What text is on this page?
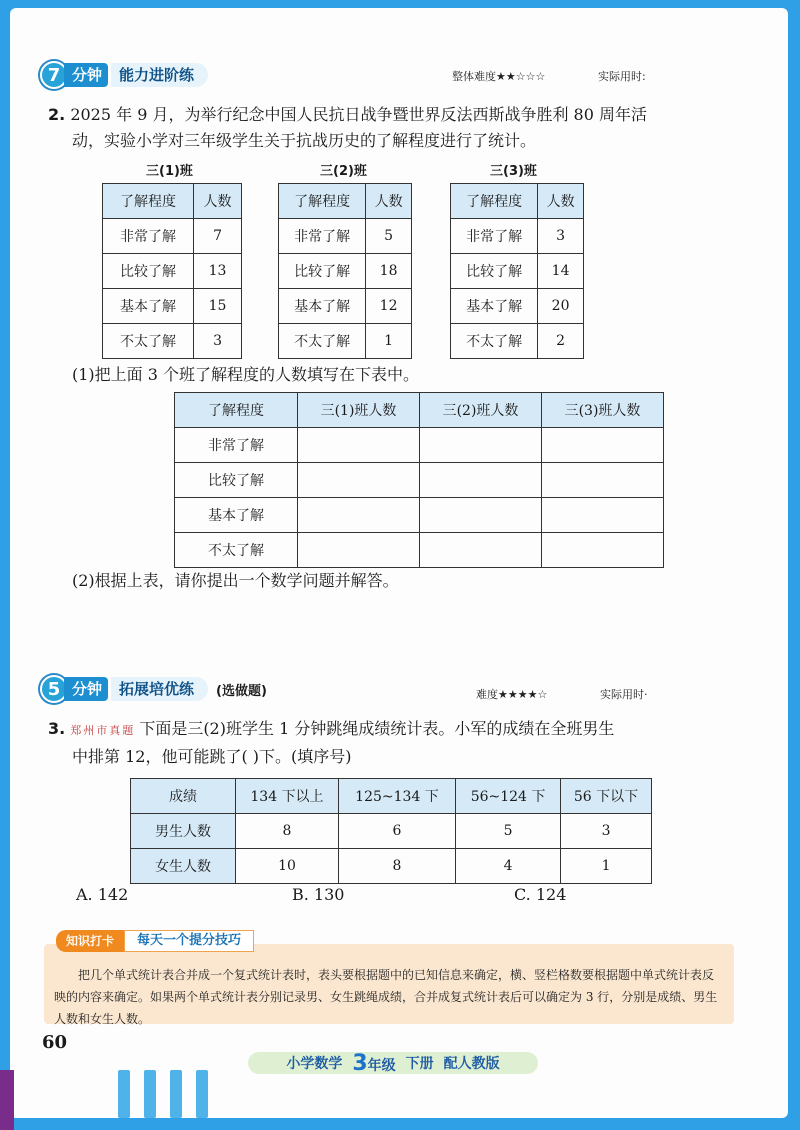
7 分钟	能力进阶练	整体难度★★☆☆☆	实际用时:
2. 2025 年 9 月，为举行纪念中国人民抗日战争暨世界反法西斯战争胜利 80 周年活
动，实验小学对三年级学生关于抗战历史的了解程度进行了统计。
三(1)班
了解程度	人数
非常了解	7
比较了解	13
基本了解	15
不太了解	3
三(2)班
了解程度	人数
非常了解	5
比较了解	18
基本了解	12
不太了解	1
三(3)班
了解程度	人数
非常了解	3
比较了解	14
基本了解	20
不太了解	2
(1)把上面 3 个班了解程度的人数填写在下表中。
了解程度	三(1)班人数	三(2)班人数	三(3)班人数
非常了解			
比较了解			
基本了解			
不太了解			
(2)根据上表，请你提出一个数学问题并解答。
5 分钟	拓展培优练	(选做题)	难度★★★★☆	实际用时·
3. 郑州市真题 下面是三(2)班学生 1 分钟跳绳成绩统计表。小军的成绩在全班男生
中排第 12，他可能跳了( )下。(填序号)
成绩	134 下以上	125~134 下	56~124 下	56 下以下
男生人数	8	6	5	3
女生人数	10	8	4	1
A. 142	B. 130	C. 124
把几个单式统计表合并成一个复式统计表时，表头要根据题中的已知信息来确定，横、竖栏格数要根据题中单式统计表反映的内容来确定。如果两个单式统计表分别记录男、女生跳绳成绩，合并成复式统计表后可以确定为 3 行，分别是成绩、男生人数和女生人数。
知识打卡	每天一个提分技巧
60
小学数学 3年级 下册 配人教版
